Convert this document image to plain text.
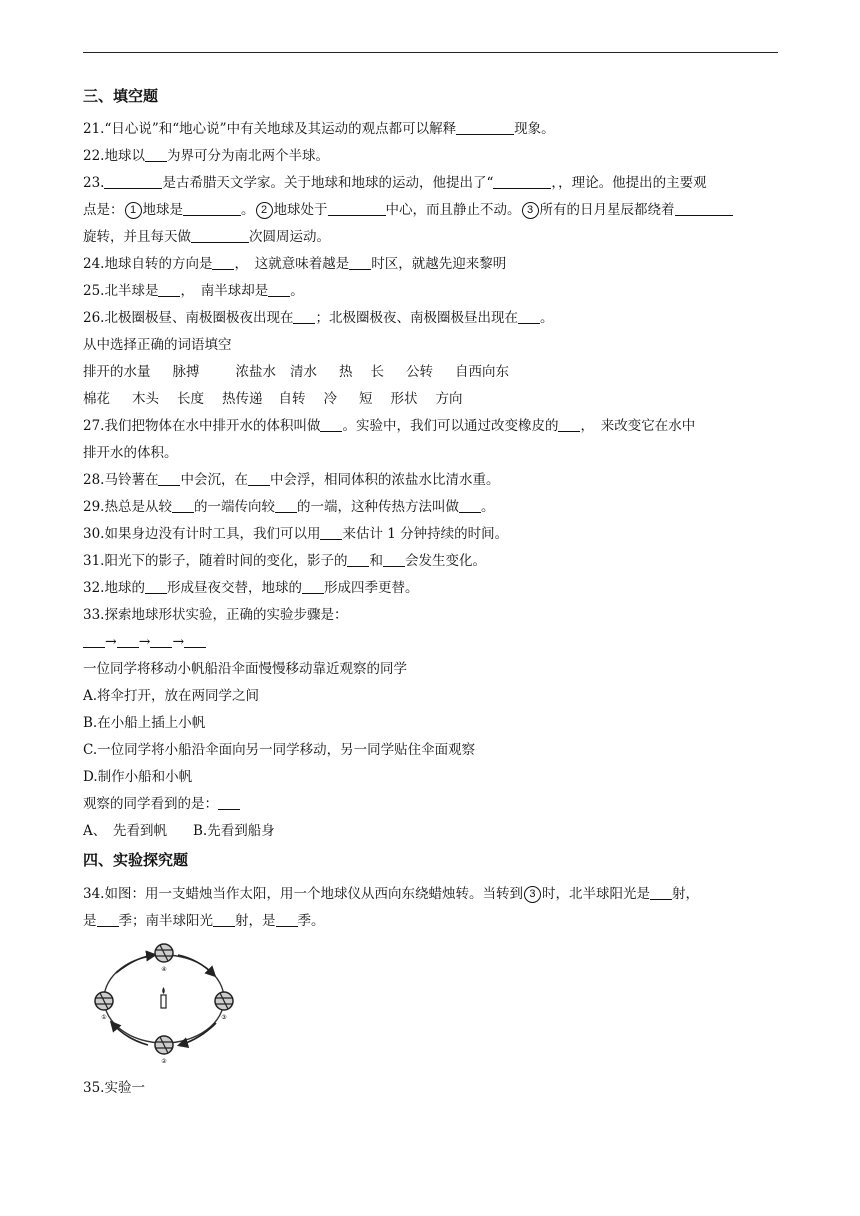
三、填空题

21.“日心说”和“地心说”中有关地球及其运动的观点都可以解释	现象。

22.地球以 为界可分为南北两个半球。

23.	是古希腊天文学家。关于地球和地球的运动，他提出了“	，，理论。他提出的主要观

点是： 1 地球是	。 2 地球处于	中心，而且静止不动。 3 所有的日月星辰都绕着

旋转，并且每天做	次圆周运动。

24.地球自转的方向是 ，　这就意味着越是 时区，就越先迎来黎明

25.北半球是 ，　南半球却是 。

26.北极圈极昼、南极圈极夜出现在 ；北极圈极夜、南极圈极昼出现在 。

从中选择正确的词语填空

排开的水量 脉搏	浓盐水 清水 热 长 公转 自西向东

棉花 木头 长度 热传递 自转 冷 短 形状 方向

27.我们把物体在水中排开水的体积叫做 。实验中，我们可以通过改变橡皮的 ，　来改变它在水中

排开水的体积。

28.马铃薯在 中会沉，在 中会浮，相同体积的浓盐水比清水重。

29.热总是从较 的一端传向较 的一端，这种传热方法叫做 。

30.如果身边没有计时工具，我们可以用 来估计 1 分钟持续的时间。

31.阳光下的影子，随着时间的变化，影子的 和 会发生变化。

32.地球的 形成昼夜交替，地球的 形成四季更替。

33.探索地球形状实验，正确的实验步骤是：

→ → →

一位同学将移动小帆船沿伞面慢慢移动靠近观察的同学

A.将伞打开，放在两同学之间

B.在小船上插上小帆

C.一位同学将小船沿伞面向另一同学移动，另一同学贴住伞面观察

D.制作小船和小帆

观察的同学看到的是：

A、　先看到帆 B.先看到船身

四、实验探究题

34.如图：用一支蜡烛当作太阳，用一个地球仪从西向东绕蜡烛转。当转到 3 时，北半球阳光是 射，

是 季；南半球阳光 射，是 季。

④
①	③
②

35.实验一
